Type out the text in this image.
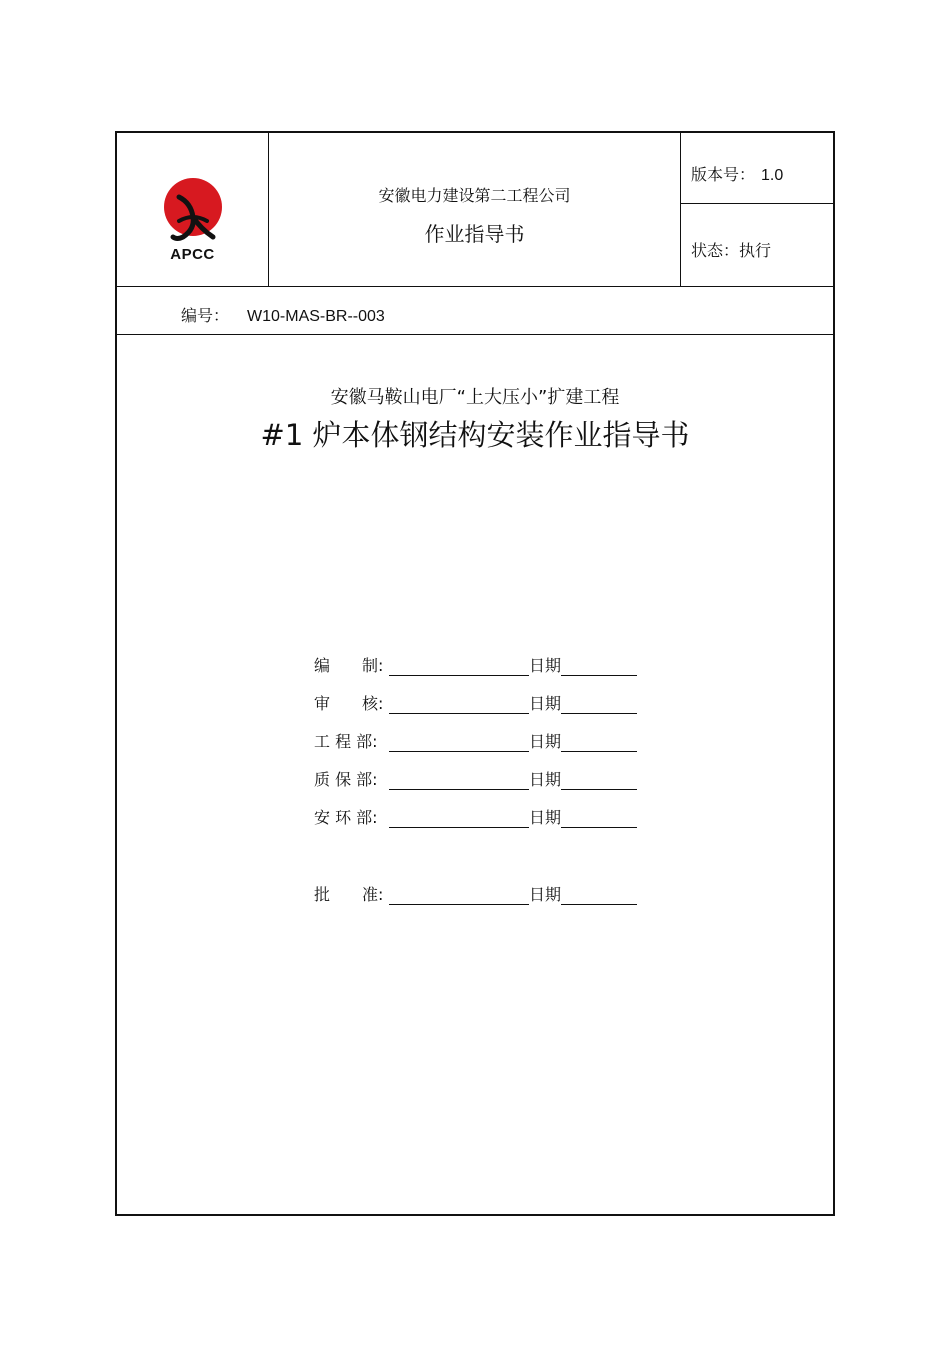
APCC
安徽电力建设第二工程公司
作业指导书
版本号： 1.0
状态：执行
编号： W10-MAS-BR--003
安徽马鞍山电厂“上大压小”扩建工程
#1 炉本体钢结构安装作业指导书
编　　制:	日期
审　　核:	日期
工 程 部:	日期
质 保 部:	日期
安 环 部:	日期
批　　准:	日期
